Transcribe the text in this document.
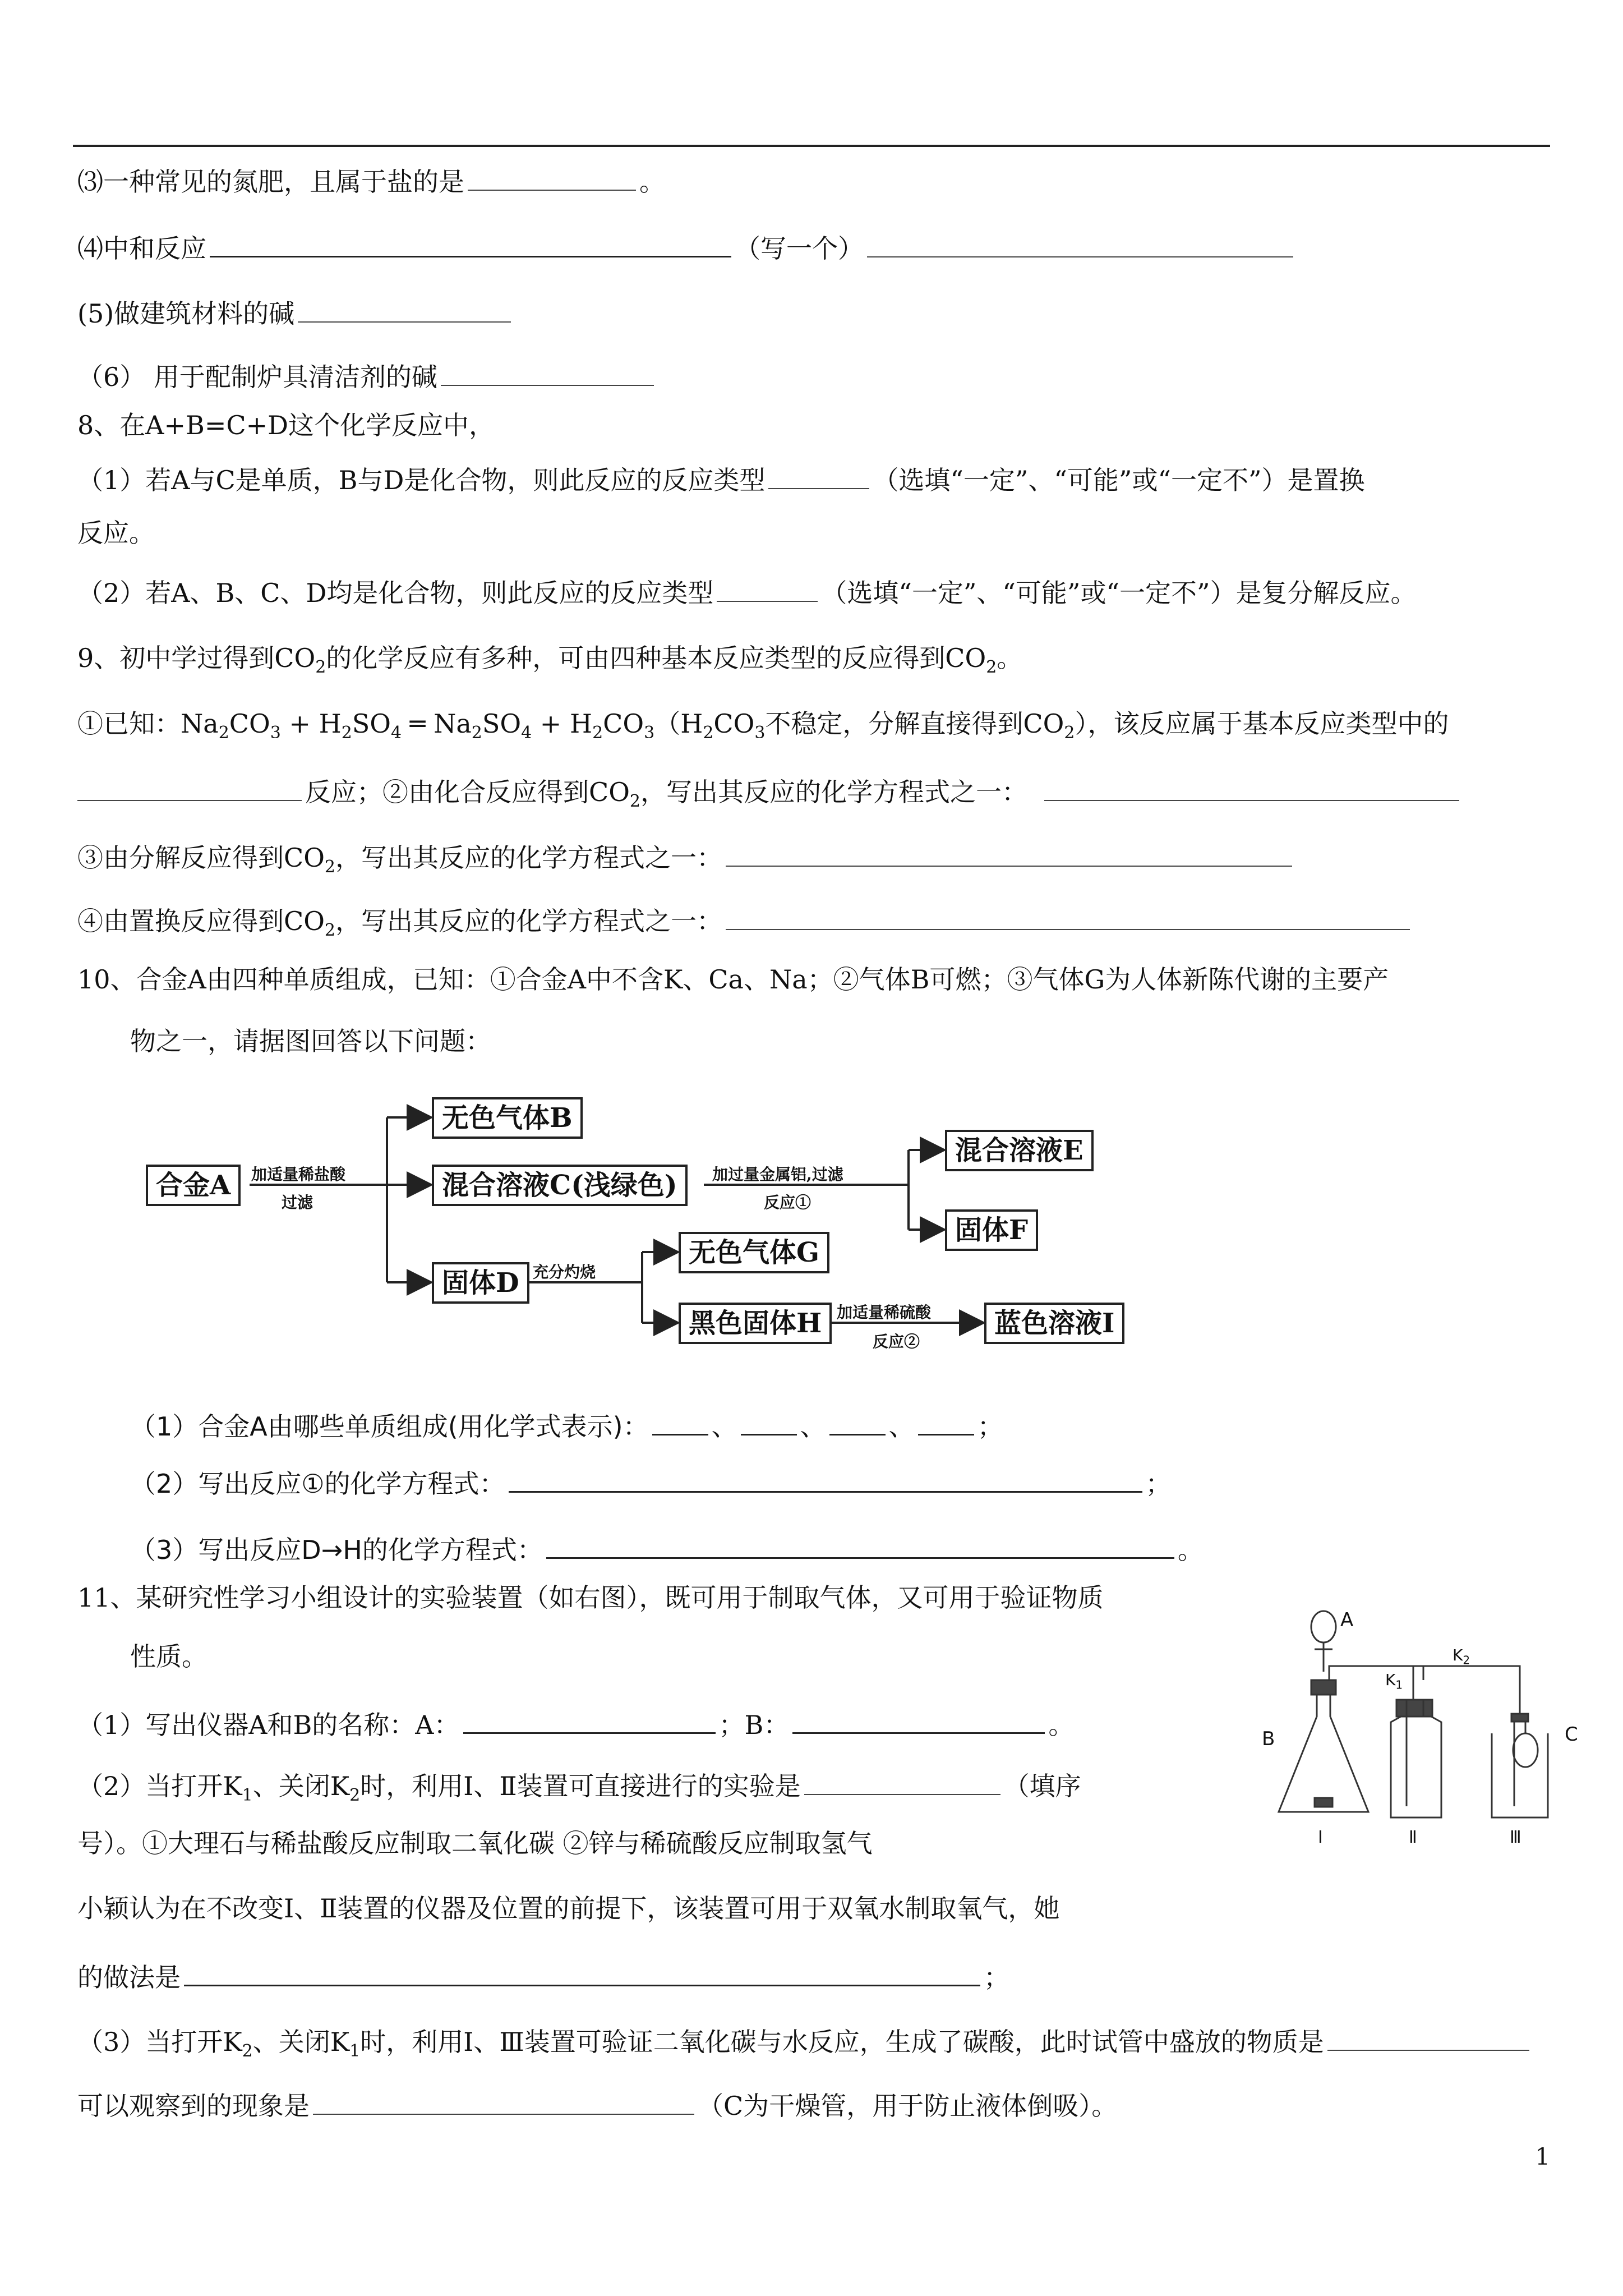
⑶一种常见的氮肥，且属于盐的是	。
⑷中和反应	（写一个）
(5)做建筑材料的碱
（6） 用于配制炉具清洁剂的碱
8、在A+B=C+D这个化学反应中，
（1）若A与C是单质，B与D是化合物，则此反应的反应类型	（选填“一定”、“可能”或“一定不”）是置换
反应。
（2）若A、B、C、D均是化合物，则此反应的反应类型	（选填“一定”、“可能”或“一定不”）是复分解反应。
9、初中学过得到$CO_2$的化学反应有多种，可由四种基本反应类型的反应得到$CO_2$。
①已知：$Na_2CO_3 + H_2SO_4$ ═ $Na_2SO_4 + H_2CO_3(H_2CO_3$不稳定，分解直接得到$CO_2$），该反应属于基本反应类型中的
反应；②由化合反应得到$CO_2$，写出其反应的化学方程式之一：
③由分解反应得到$CO_2$，写出其反应的化学方程式之一：
④由置换反应得到$CO_2$，写出其反应的化学方程式之一：
10、合金A由四种单质组成，已知：①合金A中不含K、Ca、Na；②气体B可燃；③气体G为人体新陈代谢的主要产
物之一，请据图回答以下问题：
合金A	加适量稀盐酸
过滤
无色气体B
混合溶液C(浅绿色)
固体D
加过量金属铝,过滤
反应①
混合溶液E
固体F
充分灼烧
无色气体G
黑色固体H 加适量稀硫酸
反应②
蓝色溶液I
（1）合金A由哪些单质组成(用化学式表示)： 、 、 、 ；
（2）写出反应①的化学方程式：	；
（3）写出反应D→H的化学方程式：	。
11、某研究性学习小组设计的实验装置（如右图），既可用于制取气体，又可用于验证物质
性质。
（1）写出仪器A和B的名称：A：	；B：	。
（2）当打开$K_1$、关闭$K_2$时，利用Ⅰ、Ⅱ装置可直接进行的实验是	（填序
号）。①大理石与稀盐酸反应制取二氧化碳 ②锌与稀硫酸反应制取氢气
小颖认为在不改变Ⅰ、Ⅱ装置的仪器及位置的前提下，该装置可用于双氧水制取氧气，她
的做法是	；
（3）当打开$K_2$、关闭$K_1$时，利用Ⅰ、Ⅲ装置可验证二氧化碳与水反应，生成了碳酸，此时试管中盛放的物质是
可以观察到的现象是	（C为干燥管，用于防止液体倒吸）。
A
B	C
$K_2$
$K_1$
Ⅰ	Ⅱ	Ⅲ
1
